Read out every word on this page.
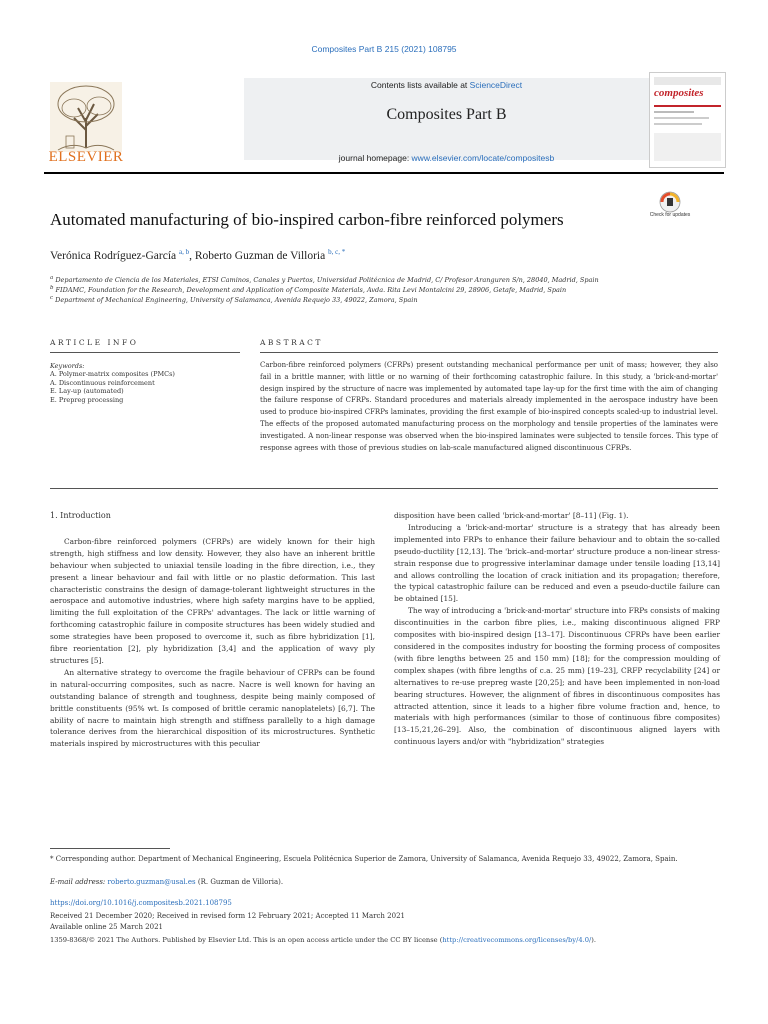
Composites Part B 215 (2021) 108795
Contents lists available at ScienceDirect
Composites Part B
journal homepage: www.elsevier.com/locate/compositesb
ELSEVIER
composites
Automated manufacturing of bio-inspired carbon-fibre reinforced polymers	Check for updates
Verónica Rodríguez-García $^{a, b}$, Roberto Guzman de Villoria $^{b, c, *}$
$^a$ Departamento de Ciencia de los Materiales, ETSI Caminos, Canales y Puertos, Universidad Politécnica de Madrid, C/ Profesor Aranguren S/n, 28040, Madrid, Spain
$^b$ FIDAMC, Foundation for the Research, Development and Application of Composite Materials, Avda. Rita Levi Montalcini 29, 28906, Getafe, Madrid, Spain
$^c$ Department of Mechanical Engineering, University of Salamanca, Avenida Requejo 33, 49022, Zamora, Spain
ARTICLE INFO	ABSTRACT
Keywords:
A. Polymer-matrix composites (PMCs)
A. Discontinuous reinforcement
E. Lay-up (automated)
E. Prepreg processing
Carbon-fibre reinforced polymers (CFRPs) present outstanding mechanical performance per unit of mass; however, they also fail in a brittle manner, with little or no warning of their forthcoming catastrophic failure. In this study, a 'brick-and-mortar' design inspired by the structure of nacre was implemented by automated tape lay-up for the first time with the aim of changing the failure response of CFRPs. Standard procedures and materials already implemented in the aerospace industry have been used to produce bio-inspired CFRPs laminates, providing the first example of bio-inspired concepts scaled-up to industrial level. The effects of the proposed automated manufacturing process on the morphology and tensile properties of the laminates were investigated. A non-linear response was observed when the bio-inspired laminates were subjected to tensile forces. This type of response agrees with those of previous studies on lab-scale manufactured aligned discontinuous CFRPs.
1. Introduction

Carbon-fibre reinforced polymers (CFRPs) are widely known for their high strength, high stiffness and low density. However, they also have an inherent brittle behaviour when subjected to uniaxial tensile loading in the fibre direction, i.e., they present a linear behaviour and fail with little or no plastic deformation. This last characteristic constrains the design of damage-tolerant lightweight structures in the aerospace and automotive industries, where high safety margins have to be applied, limiting the full exploitation of the CFRPs' advantages. The lack or little warning of forthcoming catastrophic failure in composite structures has been widely studied and some strategies have been proposed to overcome it, such as fibre hybridization [1], fibre reorientation [2], ply hybridization [3,4] and the application of wavy ply structures [5].

An alternative strategy to overcome the fragile behaviour of CFRPs can be found in natural-occurring composites, such as nacre. Nacre is well known for having an outstanding balance of strength and toughness, despite being mainly composed of brittle constituents (95% wt. Is composed of brittle ceramic nanoplatelets) [6,7]. The ability of nacre to maintain high strength and stiffness parallelly to a high damage tolerance derives from the hierarchical disposition of its microstructures. Synthetic materials inspired by microstructures with this peculiar

disposition have been called 'brick-and-mortar' [8–11] (Fig. 1).

Introducing a 'brick-and-mortar' structure is a strategy that has already been implemented into FRPs to enhance their failure behaviour and to obtain the so-called pseudo-ductility [12,13]. The 'brick–and-mortar' structure produce a non-linear stress-strain response due to progressive interlaminar damage under tensile loading [13,14] and allows controlling the location of crack initiation and its propagation; therefore, the typical catastrophic failure can be reduced and even a pseudo-ductile failure can be obtained [15].

The way of introducing a 'brick-and-mortar' structure into FRPs consists of making discontinuities in the carbon fibre plies, i.e., making discontinuous aligned FRP composites with bio-inspired design [13–17]. Discontinuous CFRPs have been earlier considered in the composites industry for boosting the forming process of composites (with fibre lengths between 25 and 150 mm) [18]; for the compression moulding of complex shapes (with fibre lengths of c.a. 25 mm) [19–23], CRFP recyclability [24] or alternatives to re-use prepreg waste [20,25]; and have been implemented in non-load bearing structures. However, the alignment of fibres in discontinuous composites has attracted attention, since it leads to a higher fibre volume fraction and, hence, to materials with high performances (similar to those of continuous fibre composites) [13–15,21,26–29]. Also, the combination of discontinuous aligned layers with continuous layers and/or with "hybridization" strategies

* Corresponding author. Department of Mechanical Engineering, Escuela Politécnica Superior de Zamora, University of Salamanca, Avenida Requejo 33, 49022, Zamora, Spain.
E-mail address: roberto.guzman@usal.es (R. Guzman de Villoria).
https://doi.org/10.1016/j.compositesb.2021.108795
Received 21 December 2020; Received in revised form 12 February 2021; Accepted 11 March 2021
Available online 25 March 2021
1359-8368/© 2021 The Authors. Published by Elsevier Ltd. This is an open access article under the CC BY license (http://creativecommons.org/licenses/by/4.0/).
